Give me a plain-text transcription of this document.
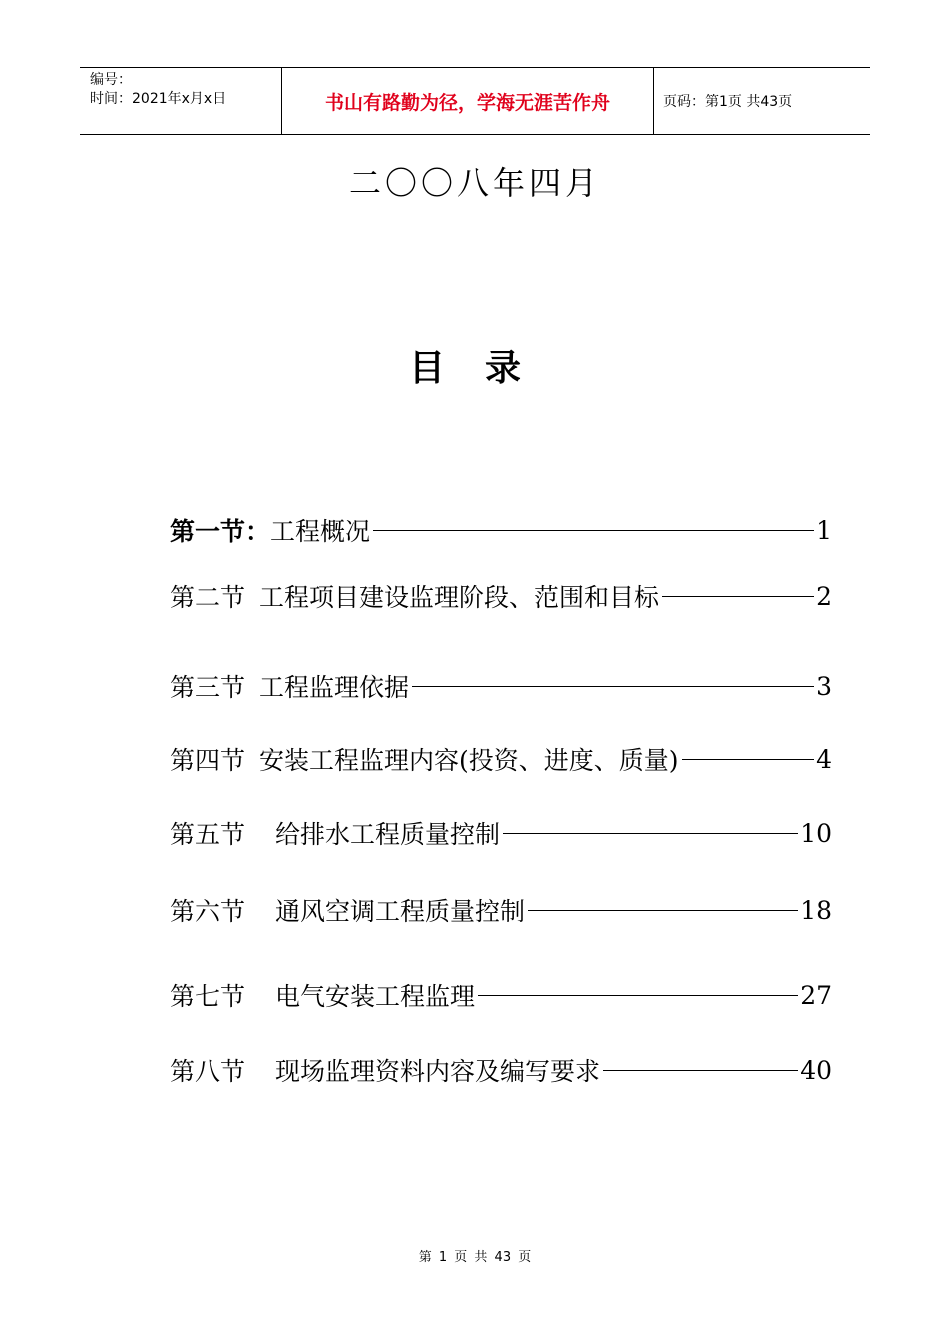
编号：
时间：2021年x月x日	书山有路勤为径，学海无涯苦作舟	页码：第1页 共43页
二〇〇八年四月
目录
第一节： 工程概况	1
第二节 工程项目建设监理阶段、范围和目标	2
第三节 工程监理依据	3
第四节 安装工程监理内容(投资、进度、质量)	4
第五节 给排水工程质量控制	10
第六节 通风空调工程质量控制	18
第七节 电气安装工程监理	27
第八节 现场监理资料内容及编写要求	40
第 1 页 共 43 页
